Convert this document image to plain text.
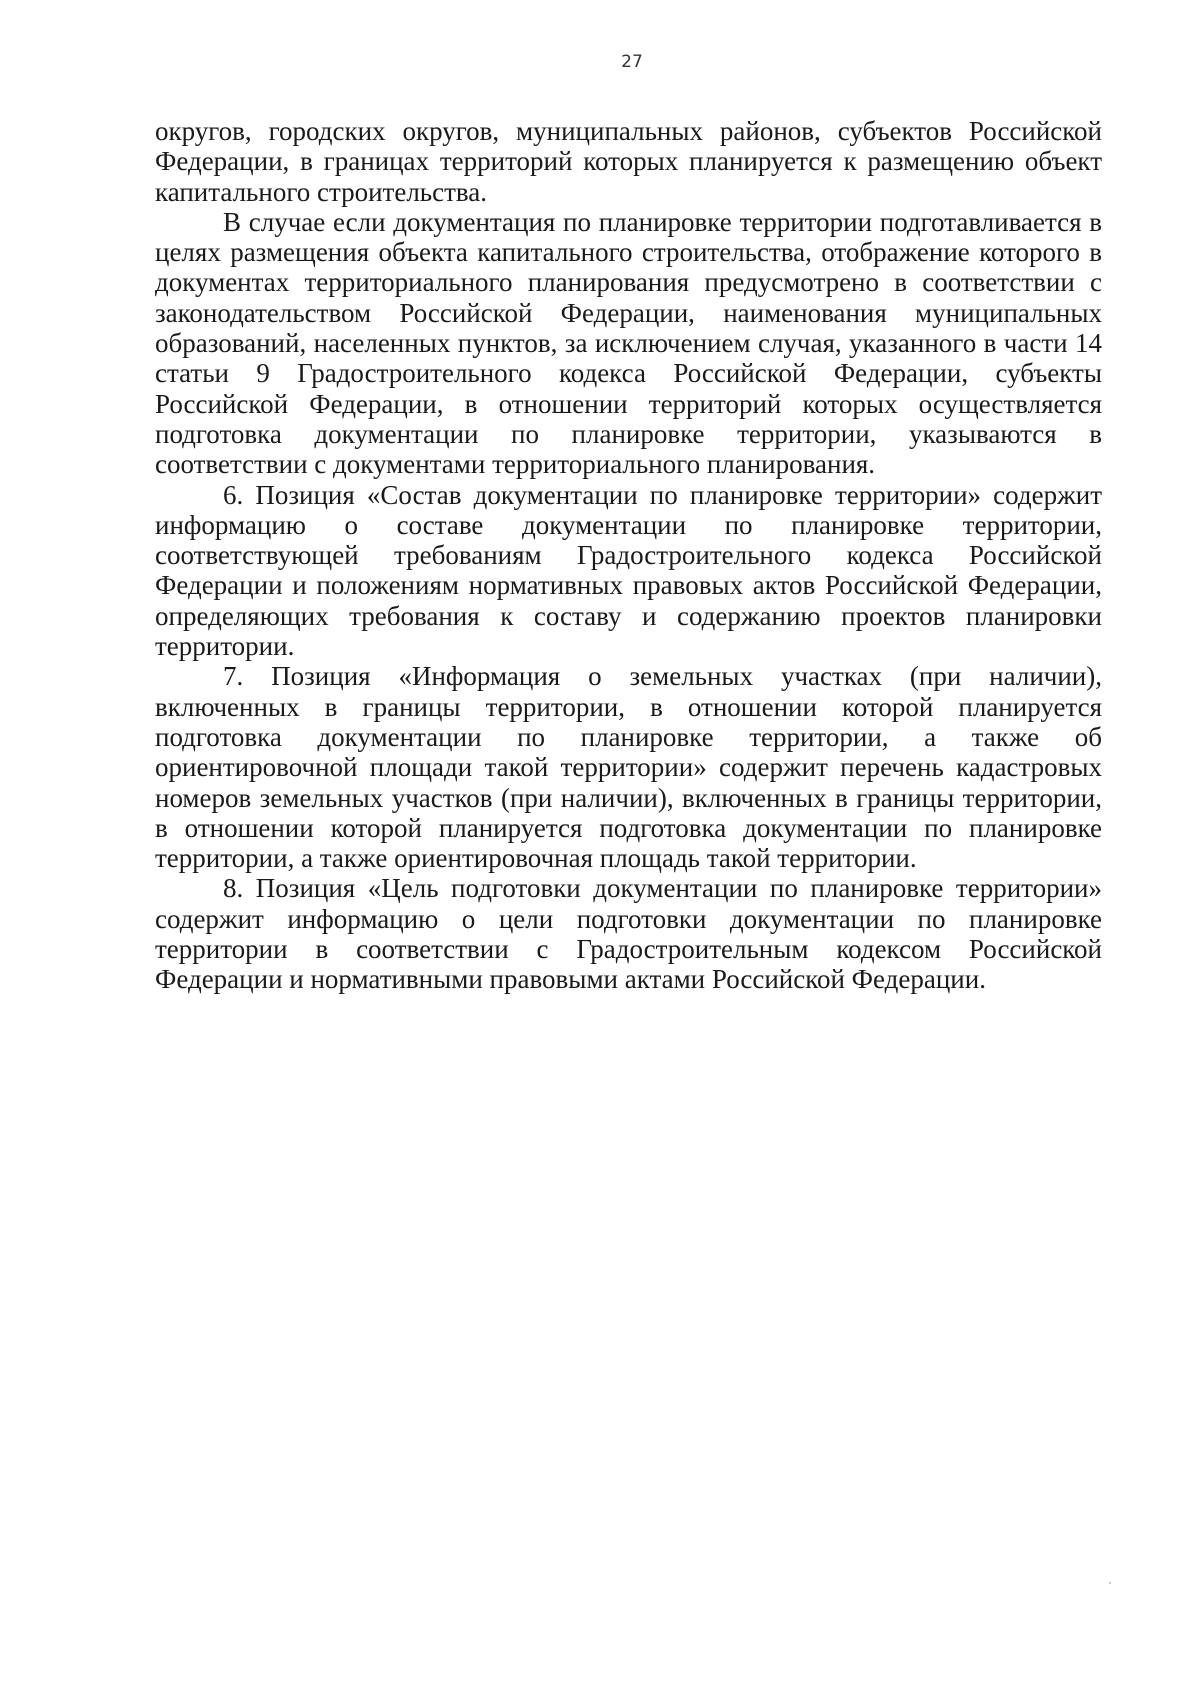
27

округов, городских округов, муниципальных районов, субъектов Российской Федерации, в границах территорий которых планируется к размещению объект капитального строительства.

В случае если документация по планировке территории подготавливается в целях размещения объекта капитального строительства, отображение которого в документах территориального планирования предусмотрено в соответствии с законодательством Российской Федерации, наименования муниципальных образований, населенных пунктов, за исключением случая, указанного в части 14 статьи 9 Градостроительного кодекса Российской Федерации, субъекты Российской Федерации, в отношении территорий которых осуществляется подготовка документации по планировке территории, указываются в соответствии с документами территориального планирования.

6. Позиция «Состав документации по планировке территории» содержит информацию о составе документации по планировке территории, соответствующей требованиям Градостроительного кодекса Российской Федерации и положениям нормативных правовых актов Российской Федерации, определяющих требования к составу и содержанию проектов планировки территории.

7. Позиция «Информация о земельных участках (при наличии), включенных в границы территории, в отношении которой планируется подготовка документации по планировке территории, а также об ориентировочной площади такой территории» содержит перечень кадастровых номеров земельных участков (при наличии), включенных в границы территории, в отношении которой планируется подготовка документации по планировке территории, а также ориентировочная площадь такой территории.

8. Позиция «Цель подготовки документации по планировке территории» содержит информацию о цели подготовки документации по планировке территории в соответствии с Градостроительным кодексом Российской Федерации и нормативными правовыми актами Российской Федерации.
